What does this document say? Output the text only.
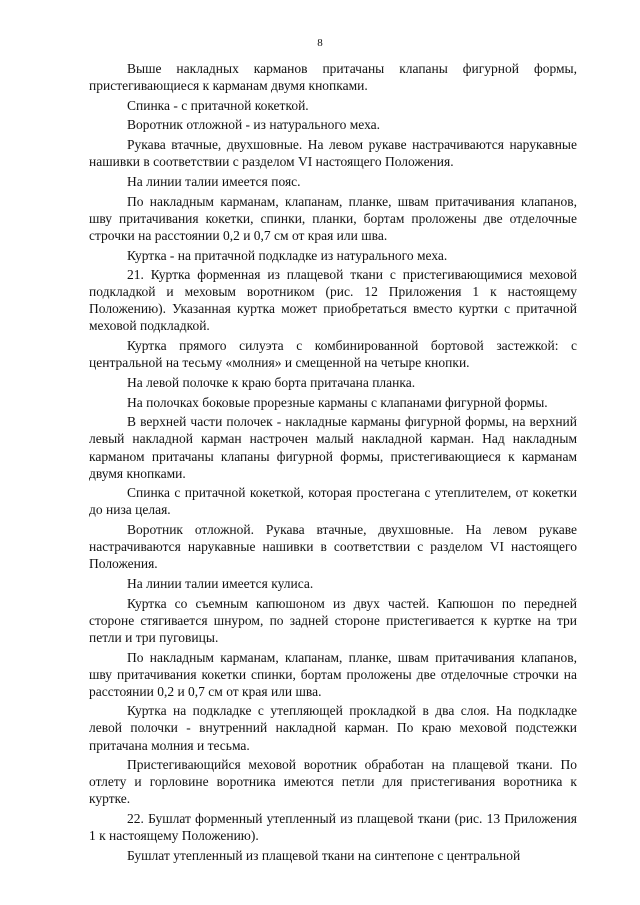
8

Выше накладных карманов притачаны клапаны фигурной формы, пристегивающиеся к карманам двумя кнопками.

Спинка - с притачной кокеткой.

Воротник отложной - из натурального меха.

Рукава втачные, двухшовные. На левом рукаве настрачиваются нарукавные нашивки в соответствии с разделом VI настоящего Положения.

На линии талии имеется пояс.

По накладным карманам, клапанам, планке, швам притачивания клапанов, шву притачивания кокетки, спинки, планки, бортам проложены две отделочные строчки на расстоянии 0,2 и 0,7 см от края или шва.

Куртка - на притачной подкладке из натурального меха.

21. Куртка форменная из плащевой ткани с пристегивающимися меховой подкладкой и меховым воротником (рис. 12 Приложения 1 к настоящему Положению). Указанная куртка может приобретаться вместо куртки с притачной меховой подкладкой.

Куртка прямого силуэта с комбинированной бортовой застежкой: с центральной на тесьму «молния» и смещенной на четыре кнопки.

На левой полочке к краю борта притачана планка.

На полочках боковые прорезные карманы с клапанами фигурной формы.

В верхней части полочек - накладные карманы фигурной формы, на верхний левый накладной карман настрочен малый накладной карман. Над накладным карманом притачаны клапаны фигурной формы, пристегивающиеся к карманам двумя кнопками.

Спинка с притачной кокеткой, которая простегана с утеплителем, от кокетки до низа целая.

Воротник отложной. Рукава втачные, двухшовные. На левом рукаве настрачиваются нарукавные нашивки в соответствии с разделом VI настоящего Положения.

На линии талии имеется кулиса.

Куртка со съемным капюшоном из двух частей. Капюшон по передней стороне стягивается шнуром, по задней стороне пристегивается к куртке на три петли и три пуговицы.

По накладным карманам, клапанам, планке, швам притачивания клапанов, шву притачивания кокетки спинки, бортам проложены две отделочные строчки на расстоянии 0,2 и 0,7 см от края или шва.

Куртка на подкладке с утепляющей прокладкой в два слоя. На подкладке левой полочки - внутренний накладной карман. По краю меховой подстежки притачана молния и тесьма.

Пристегивающийся меховой воротник обработан на плащевой ткани. По отлету и горловине воротника имеются петли для пристегивания воротника к куртке.

22. Бушлат форменный утепленный из плащевой ткани (рис. 13 Приложения 1 к настоящему Положению).

Бушлат утепленный из плащевой ткани на синтепоне с центральной
